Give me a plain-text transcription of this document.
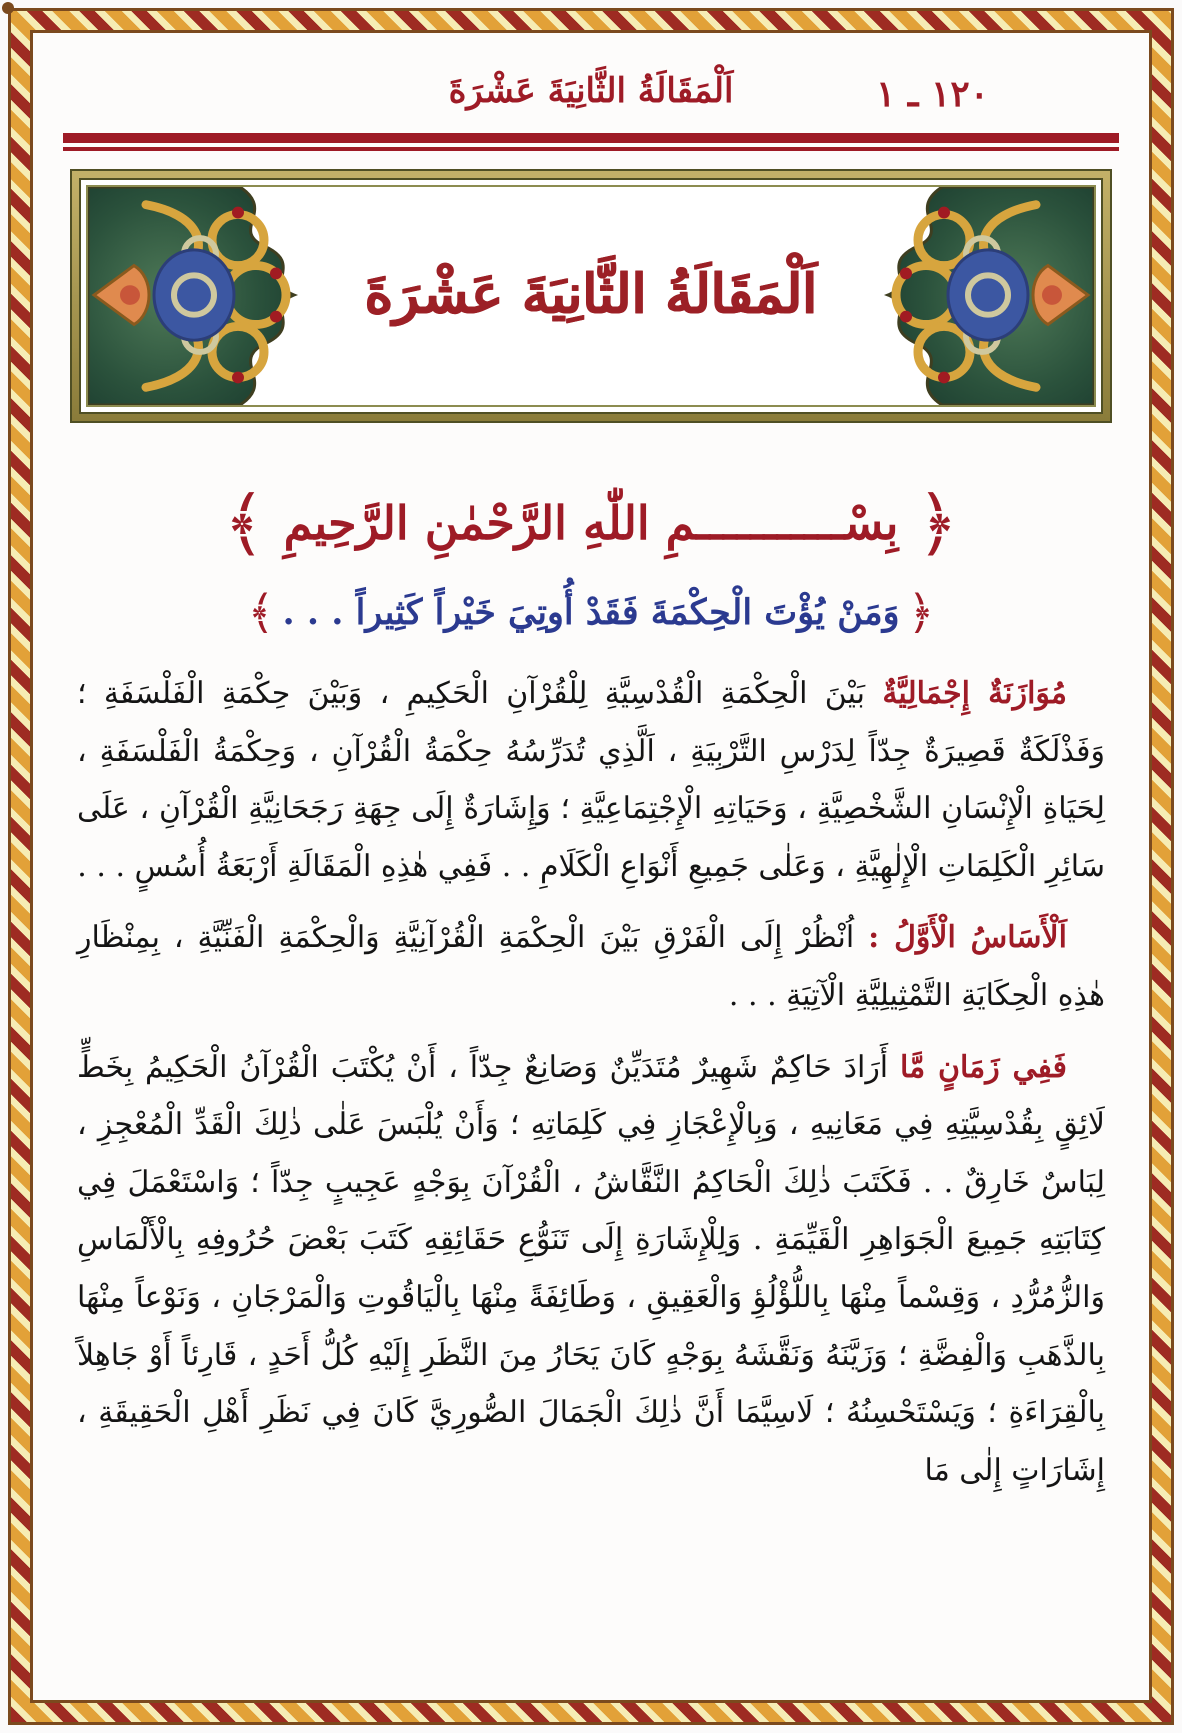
١٢٠ ـ ١
اَلْمَقَالَةُ الثَّانِيَةَ عَشْرَةَ
اَلْمَقَالَةُ الثَّانِيَةَ عَشْرَةَ
﴿بِسْـــــــــــمِ اللّٰهِ الرَّحْمٰنِ الرَّحِيمِ﴾
﴿وَمَنْ يُؤْتَ الْحِكْمَةَ فَقَدْ أُوتِيَ خَيْراً كَثِيراً . . .﴾

مُوَازَنَةٌ إِجْمَالِيَّةٌ بَيْنَ الْحِكْمَةِ الْقُدْسِيَّةِ لِلْقُرْآنِ الْحَكِيمِ ، وَبَيْنَ حِكْمَةِ الْفَلْسَفَةِ ؛ وَفَذْلَكَةٌ قَصِيرَةٌ جِدّاً لِدَرْسِ التَّرْبِيَةِ ، اَلَّذِي تُدَرِّسُهُ حِكْمَةُ الْقُرْآنِ ، وَحِكْمَةُ الْفَلْسَفَةِ ، لِحَيَاةِ الْإِنْسَانِ الشَّخْصِيَّةِ ، وَحَيَاتِهِ الْإِجْتِمَاعِيَّةِ ؛ وَإِشَارَةٌ إِلَى جِهَةِ رَجَحَانِيَّةِ الْقُرْآنِ ، عَلَى سَائِرِ الْكَلِمَاتِ الْإِلٰهِيَّةِ ، وَعَلٰى جَمِيعِ أَنْوَاعِ الْكَلَامِ . . فَفِي هٰذِهِ الْمَقَالَةِ أَرْبَعَةُ أُسُسٍ . . .

اَلْأَسَاسُ الْأَوَّلُ : اُنْظُرْ إِلَى الْفَرْقِ بَيْنَ الْحِكْمَةِ الْقُرْآنِيَّةِ وَالْحِكْمَةِ الْفَنِّيَّةِ ، بِمِنْظَارِ هٰذِهِ الْحِكَايَةِ التَّمْثِيلِيَّةِ الْآتِيَةِ . . .

فَفِي زَمَانٍ مَّا أَرَادَ حَاكِمٌ شَهِيرٌ مُتَدَيِّنٌ وَصَانِعٌ جِدّاً ، أَنْ يُكْتَبَ الْقُرْآنُ الْحَكِيمُ بِخَطٍّ لَائِقٍ بِقُدْسِيَّتِهِ فِي مَعَانِيهِ ، وَبِالْإِعْجَازِ فِي كَلِمَاتِهِ ؛ وَأَنْ يُلْبَسَ عَلٰى ذٰلِكَ الْقَدِّ الْمُعْجِزِ ، لِبَاسٌ خَارِقٌ . . فَكَتَبَ ذٰلِكَ الْحَاكِمُ النَّقَّاشُ ، الْقُرْآنَ بِوَجْهٍ عَجِيبٍ جِدّاً ؛ وَاسْتَعْمَلَ فِي كِتَابَتِهِ جَمِيعَ الْجَوَاهِرِ الْقَيِّمَةِ . وَلِلْإِشَارَةِ إِلَى تَنَوُّعِ حَقَائِقِهِ كَتَبَ بَعْضَ حُرُوفِهِ بِالْأَلْمَاسِ وَالزُّمُرُّدِ ، وَقِسْماً مِنْهَا بِاللُّؤْلُؤِ وَالْعَقِيقِ ، وَطَائِفَةً مِنْهَا بِالْيَاقُوتِ وَالْمَرْجَانِ ، وَنَوْعاً مِنْهَا بِالذَّهَبِ وَالْفِضَّةِ ؛ وَزَيَّنَهُ وَنَقَّشَهُ بِوَجْهٍ كَانَ يَحَارُ مِنَ النَّظَرِ إِلَيْهِ كُلُّ أَحَدٍ ، قَارِئاً أَوْ جَاهِلاً بِالْقِرَاءَةِ ؛ وَيَسْتَحْسِنُهُ ؛ لَاسِيَّمَا أَنَّ ذٰلِكَ الْجَمَالَ الصُّورِيَّ كَانَ فِي نَظَرِ أَهْلِ الْحَقِيقَةِ ، إِشَارَاتٍ إِلٰى مَا
